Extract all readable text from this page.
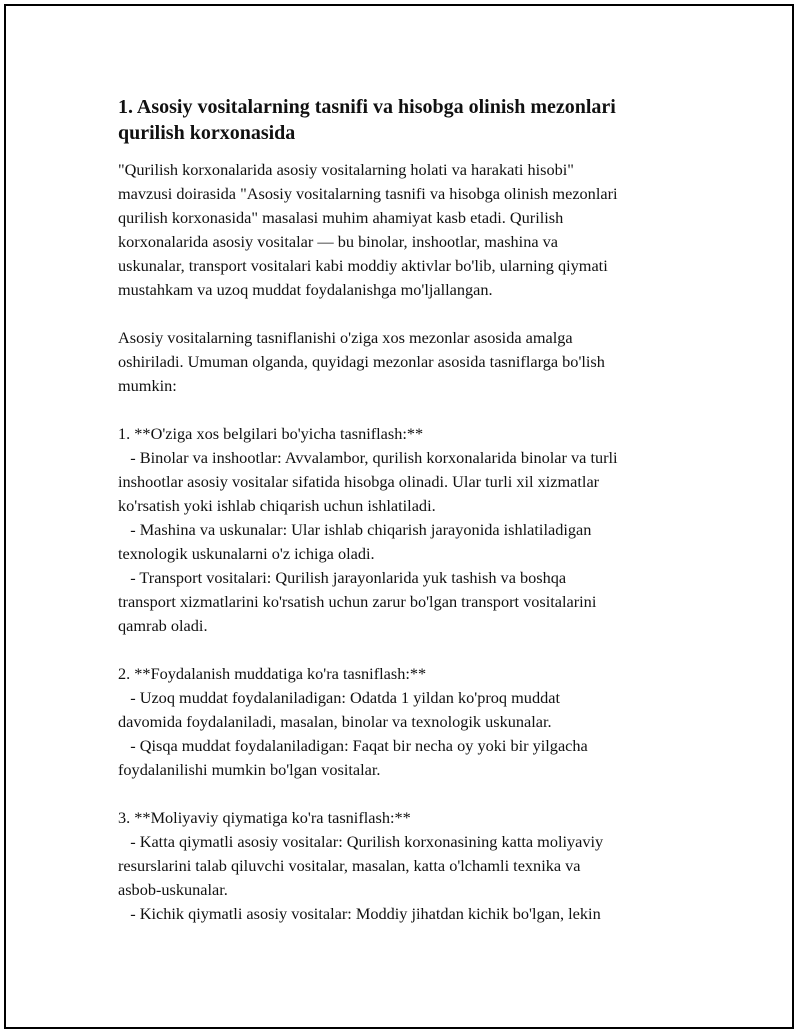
1. Asosiy vositalarning tasnifi va hisobga olinish mezonlari qurilish korxonasida
"Qurilish korxonalarida asosiy vositalarning holati va harakati hisobi"
mavzusi doirasida "Asosiy vositalarning tasnifi va hisobga olinish mezonlari
qurilish korxonasida" masalasi muhim ahamiyat kasb etadi. Qurilish
korxonalarida asosiy vositalar — bu binolar, inshootlar, mashina va
uskunalar, transport vositalari kabi moddiy aktivlar bo'lib, ularning qiymati
mustahkam va uzoq muddat foydalanishga mo'ljallangan.
Asosiy vositalarning tasniflanishi o'ziga xos mezonlar asosida amalga
oshiriladi. Umuman olganda, quyidagi mezonlar asosida tasniflarga bo'lish
mumkin:
1. **O'ziga xos belgilari bo'yicha tasniflash:**
- Binolar va inshootlar: Avvalambor, qurilish korxonalarida binolar va turli
inshootlar asosiy vositalar sifatida hisobga olinadi. Ular turli xil xizmatlar
ko'rsatish yoki ishlab chiqarish uchun ishlatiladi.
- Mashina va uskunalar: Ular ishlab chiqarish jarayonida ishlatiladigan
texnologik uskunalarni o'z ichiga oladi.
- Transport vositalari: Qurilish jarayonlarida yuk tashish va boshqa
transport xizmatlarini ko'rsatish uchun zarur bo'lgan transport vositalarini
qamrab oladi.
2. **Foydalanish muddatiga ko'ra tasniflash:**
- Uzoq muddat foydalaniladigan: Odatda 1 yildan ko'proq muddat
davomida foydalaniladi, masalan, binolar va texnologik uskunalar.
- Qisqa muddat foydalaniladigan: Faqat bir necha oy yoki bir yilgacha
foydalanilishi mumkin bo'lgan vositalar.
3. **Moliyaviy qiymatiga ko'ra tasniflash:**
- Katta qiymatli asosiy vositalar: Qurilish korxonasining katta moliyaviy
resurslarini talab qiluvchi vositalar, masalan, katta o'lchamli texnika va
asbob-uskunalar.
- Kichik qiymatli asosiy vositalar: Moddiy jihatdan kichik bo'lgan, lekin
